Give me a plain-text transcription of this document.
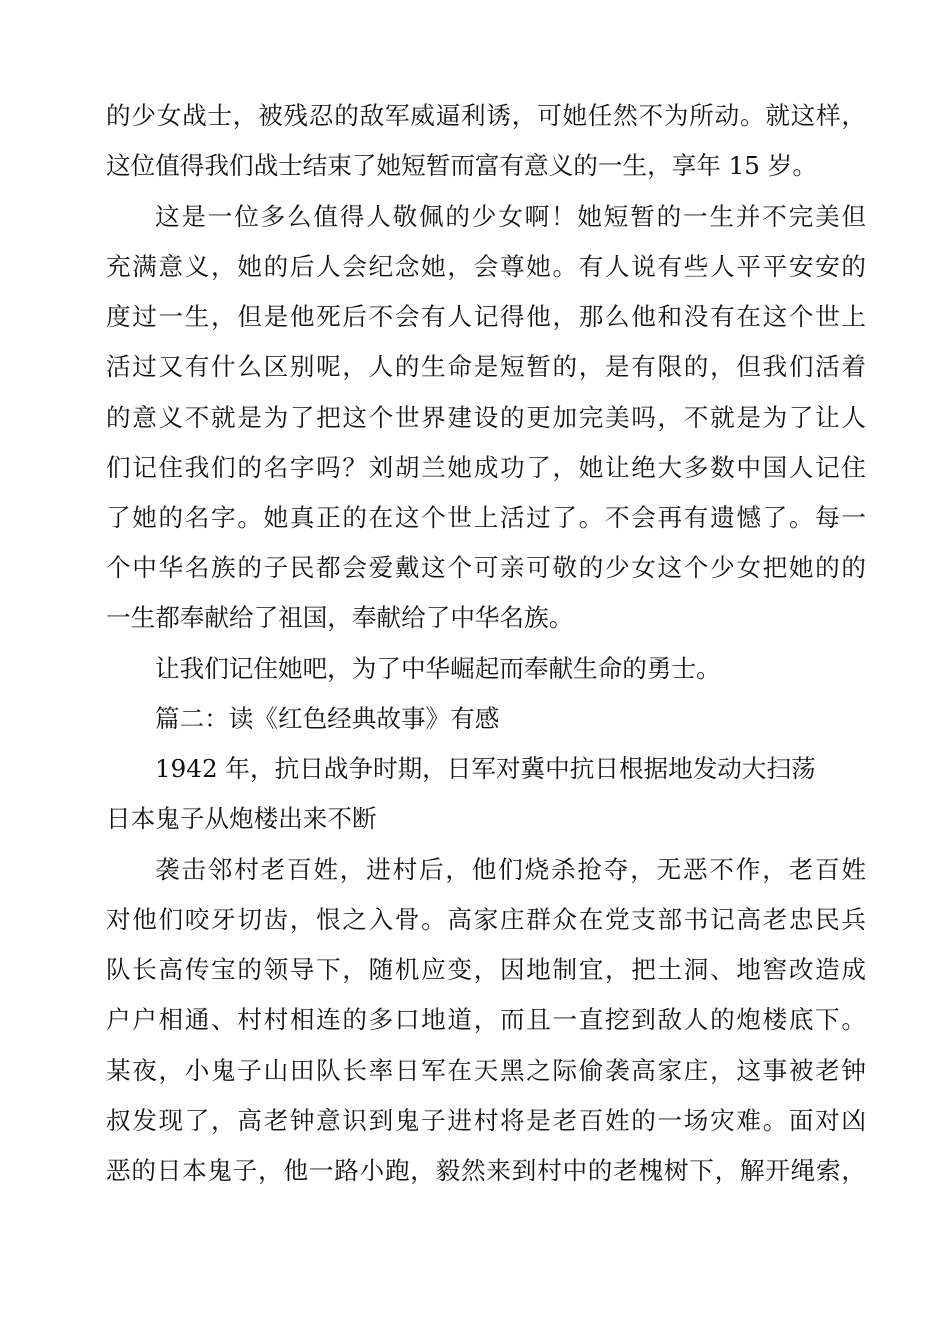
的少女战士，被残忍的敌军威逼利诱，可她任然不为所动。就这样，
这位值得我们战士结束了她短暂而富有意义的一生，享年 15 岁。
这是一位多么值得人敬佩的少女啊！她短暂的一生并不完美但
充满意义，她的后人会纪念她，会尊她。有人说有些人平平安安的
度过一生，但是他死后不会有人记得他，那么他和没有在这个世上
活过又有什么区别呢，人的生命是短暂的，是有限的，但我们活着
的意义不就是为了把这个世界建设的更加完美吗，不就是为了让人
们记住我们的名字吗？刘胡兰她成功了，她让绝大多数中国人记住
了她的名字。她真正的在这个世上活过了。不会再有遗憾了。每一
个中华名族的子民都会爱戴这个可亲可敬的少女这个少女把她的的
一生都奉献给了祖国，奉献给了中华名族。
让我们记住她吧，为了中华崛起而奉献生命的勇士。
篇二：读《红色经典故事》有感
1942 年，抗日战争时期，日军对冀中抗日根据地发动大扫荡
日本鬼子从炮楼出来不断
袭击邻村老百姓，进村后，他们烧杀抢夺，无恶不作，老百姓
对他们咬牙切齿，恨之入骨。高家庄群众在党支部书记高老忠民兵
队长高传宝的领导下，随机应变，因地制宜，把土洞、地窖改造成
户户相通、村村相连的多口地道，而且一直挖到敌人的炮楼底下。
某夜，小鬼子山田队长率日军在天黑之际偷袭高家庄，这事被老钟
叔发现了，高老钟意识到鬼子进村将是老百姓的一场灾难。面对凶
恶的日本鬼子，他一路小跑，毅然来到村中的老槐树下，解开绳索，
